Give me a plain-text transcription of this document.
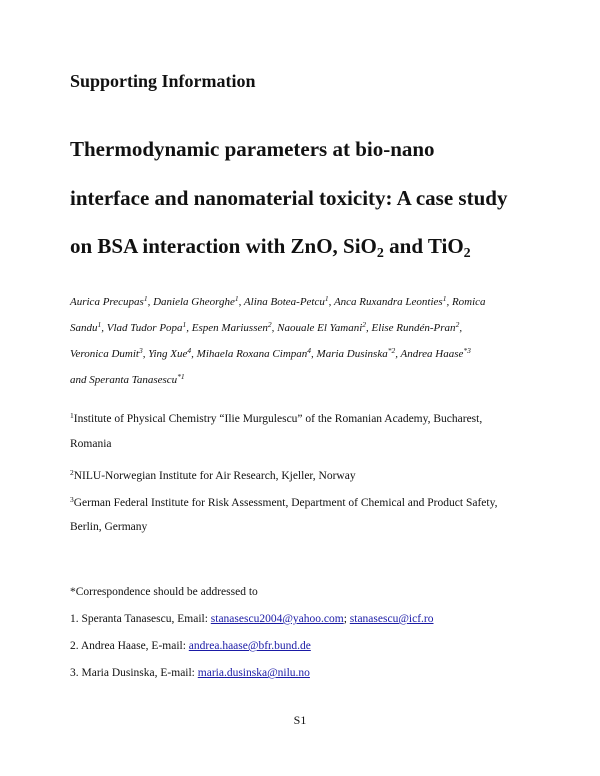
Supporting Information
Thermodynamic parameters at bio-nano
interface and nanomaterial toxicity: A case study
on BSA interaction with ZnO, SiO$_2$ and TiO$_2$
Aurica Precupas$^1$, Daniela Gheorghe$^1$, Alina Botea-Petcu$^1$, Anca Ruxandra Leonties$^1$, Romica
Sandu$^1$, Vlad Tudor Popa$^1$, Espen Mariussen$^2$, Naouale El Yamani$^2$, Elise Rundén-Pran$^2$,
Veronica Dumit$^3$, Ying Xue$^4$, Mihaela Roxana Cimpan$^4$, Maria Dusinska$^{*2}$, Andrea Haase$^{*3}$
and Speranta Tanasescu$^{*1}$
$^1$Institute of Physical Chemistry “Ilie Murgulescu” of the Romanian Academy, Bucharest,
Romania
$^2$NILU-Norwegian Institute for Air Research, Kjeller, Norway
$^3$German Federal Institute for Risk Assessment, Department of Chemical and Product Safety,
Berlin, Germany
*Correspondence should be addressed to
1. Speranta Tanasescu, Email: stanasescu2004@yahoo.com; stanasescu@icf.ro
2. Andrea Haase, E-mail: andrea.haase@bfr.bund.de
3. Maria Dusinska, E-mail: maria.dusinska@nilu.no
S1
